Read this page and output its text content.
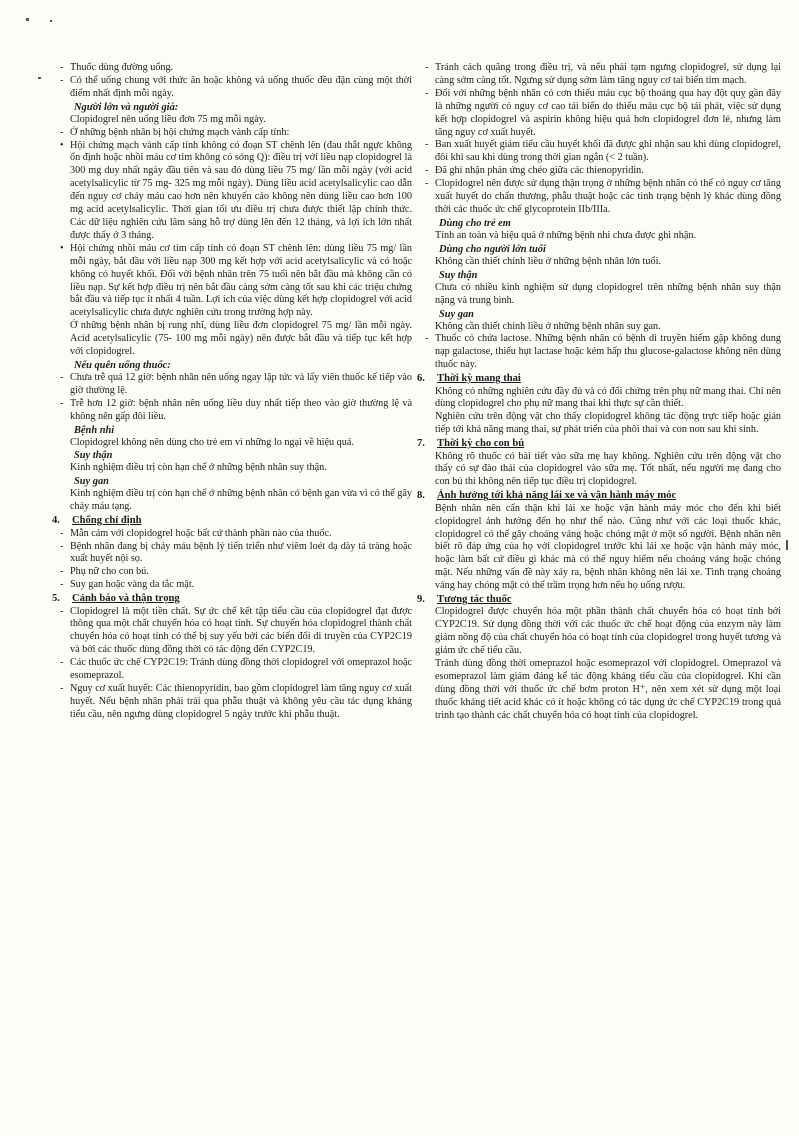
- Thuốc dùng đường uống.
- Có thể uống chung với thức ăn hoặc không và uống thuốc đều đặn cùng một thời điểm nhất định mỗi ngày.
Người lớn và người già:
Clopidogrel nên uống liều đơn 75 mg mỗi ngày.
- Ở những bệnh nhân bị hội chứng mạch vành cấp tính:
• Hội chứng mạch vành cấp tính không có đoạn ST chênh lên (đau thắt ngực không ổn định hoặc nhồi máu cơ tim không có sóng Q): điều trị với liều nạp clopidogrel là 300 mg duy nhất ngày đầu tiên và sau đó dùng liều 75 mg/ lần mỗi ngày (với acid acetylsalicylic từ 75 mg- 325 mg mỗi ngày). Dùng liều acid acetylsalicylic cao dẫn đến nguy cơ chảy máu cao hơn nên khuyến cáo không nên dùng liều cao hơn 100 mg acid acetylsalicylic. Thời gian tối ưu điều trị chưa được thiết lập chính thức. Các dữ liệu nghiên cứu lâm sàng hỗ trợ dùng lên đến 12 tháng, và lợi ích lớn nhất được thấy ở 3 tháng.
• Hội chứng nhồi máu cơ tim cấp tính có đoạn ST chênh lên: dùng liều 75 mg/ lần mỗi ngày, bắt đầu với liều nạp 300 mg kết hợp với acid acetylsalicylic và có hoặc không có huyết khối. Đối với bệnh nhân trên 75 tuổi nên bắt đầu mà không cần có liều nạp. Sự kết hợp điều trị nên bắt đầu càng sớm càng tốt sau khi các triệu chứng bắt đầu và tiếp tục ít nhất 4 tuần. Lợi ích của việc dùng kết hợp clopidogrel với acid acetylsalicylic chưa được nghiên cứu trong trường hợp này.
Ở những bệnh nhân bị rung nhĩ, dùng liều đơn clopidogrel 75 mg/ lần mỗi ngày. Acid acetylsalicylic (75- 100 mg mỗi ngày) nên được bắt đầu và tiếp tục kết hợp với clopidogrel.
Nếu quên uống thuốc:
- Chưa trễ quá 12 giờ: bệnh nhân nên uống ngay lập tức và lấy viên thuốc kế tiếp vào giờ thường lệ.
- Trễ hơn 12 giờ: bệnh nhân nên uống liều duy nhất tiếp theo vào giờ thường lệ và không nên gấp đôi liều.
Bệnh nhi
Clopidogrel không nên dùng cho trẻ em vì những lo ngại về hiệu quả.
Suy thận
Kinh nghiệm điều trị còn hạn chế ở những bệnh nhân suy thận.
Suy gan
Kinh nghiệm điều trị còn hạn chế ở những bệnh nhân có bệnh gan vừa vì có thể gây chảy máu tạng.
4.	Chống chỉ định
- Mẫn cảm với clopidogrel hoặc bất cứ thành phần nào của thuốc.
- Bệnh nhân đang bị chảy máu bệnh lý tiến triển như viêm loét dạ dày tá tràng hoặc xuất huyết nội sọ.
- Phụ nữ cho con bú.
- Suy gan hoặc vàng da tắc mật.
5.	Cảnh báo và thận trọng
- Clopidogrel là một tiền chất. Sự ức chế kết tập tiểu cầu của clopidogrel đạt được thông qua một chất chuyển hóa có hoạt tính. Sự chuyển hóa clopidogrel thành chất chuyển hóa có hoạt tính có thể bị suy yếu bởi các biến đổi di truyền của CYP2C19 và bởi các thuốc dùng đồng thời có tác động đến CYP2C19.
- Các thuốc ức chế CYP2C19: Tránh dùng đồng thời clopidogrel với omeprazol hoặc esomeprazol.
- Nguy cơ xuất huyết: Các thienopyridin, bao gồm clopidogrel làm tăng nguy cơ xuất huyết. Nếu bệnh nhân phải trải qua phẫu thuật và không yêu cầu tác dụng kháng tiểu cầu, nên ngưng dùng clopidogrel 5 ngày trước khi phẫu thuật.
- Tránh cách quãng trong điều trị, và nếu phải tạm ngưng clopidogrel, sử dụng lại càng sớm càng tốt. Ngưng sử dụng sớm làm tăng nguy cơ tai biến tim mạch.
- Đối với những bệnh nhân có cơn thiếu máu cục bộ thoáng qua hay đột quỵ gần đây là những người có nguy cơ cao tái biến do thiếu máu cục bộ tái phát, việc sử dụng kết hợp clopidogrel và aspirin không hiệu quả hơn clopidogrel đơn lẻ, nhưng làm tăng nguy cơ xuất huyết.
- Ban xuất huyết giảm tiểu cầu huyết khối đã được ghi nhận sau khi dùng clopidogrel, đôi khi sau khi dùng trong thời gian ngắn (< 2 tuần).
- Đã ghi nhận phản ứng chéo giữa các thienopyridin.
- Clopidogrel nên được sử dụng thận trọng ở những bệnh nhân có thể có nguy cơ tăng xuất huyết do chấn thương, phẫu thuật hoặc các tình trạng bệnh lý khác dùng đồng thời các thuốc ức chế glycoprotein IIb/IIIa.
Dùng cho trẻ em
Tính an toàn và hiệu quả ở những bệnh nhi chưa được ghi nhận.
Dùng cho người lớn tuổi
Không cần thiết chỉnh liều ở những bệnh nhân lớn tuổi.
Suy thận
Chưa có nhiều kinh nghiệm sử dụng clopidogrel trên những bệnh nhân suy thận nặng và trung bình.
Suy gan
Không cần thiết chỉnh liều ở những bệnh nhân suy gan.
- Thuốc có chứa lactose. Những bệnh nhân có bệnh di truyền hiếm gặp không dung nạp galactose, thiếu hụt lactase hoặc kém hấp thu glucose-galactose không nên dùng thuốc này.
6.	Thời kỳ mang thai
Không có những nghiên cứu đầy đủ và có đối chứng trên phụ nữ mang thai. Chỉ nên dùng clopidogrel cho phụ nữ mang thai khi thực sự cần thiết.
Nghiên cứu trên động vật cho thấy clopidogrel không tác động trực tiếp hoặc gián tiếp tới khả năng mang thai, sự phát triển của phôi thai và con non sau khi sinh.
7.	Thời kỳ cho con bú
Không rõ thuốc có bài tiết vào sữa mẹ hay không. Nghiên cứu trên động vật cho thấy có sự đào thải của clopidogrel vào sữa mẹ. Tốt nhất, nếu người mẹ đang cho con bú thì không nên tiếp tục điều trị clopidogrel.
8.	Ảnh hưởng tới khả năng lái xe và vận hành máy móc
Bệnh nhân nên cẩn thận khi lái xe hoặc vận hành máy móc cho đến khi biết clopidogrel ảnh hưởng đến họ như thế nào. Cũng như với các loại thuốc khác, clopidogrel có thể gây choáng váng hoặc chóng mặt ở một số người. Bệnh nhân nên biết rõ đáp ứng của họ với clopidogrel trước khi lái xe hoặc vận hành máy móc, hoặc làm bất cứ điều gì khác mà có thể nguy hiểm nếu choáng váng hoặc chóng mặt. Nếu những vấn đề này xảy ra, bệnh nhân không nên lái xe. Tình trạng choáng váng hay chóng mặt có thể trầm trọng hơn nếu họ uống rượu.
9.	Tương tác thuốc
Clopidogrel được chuyển hóa một phần thành chất chuyển hóa có hoạt tính bởi CYP2C19. Sử dụng đồng thời với các thuốc ức chế hoạt động của enzym này làm giảm nồng độ của chất chuyển hóa có hoạt tính của clopidogrel trong huyết tương và giảm ức chế tiểu cầu.
Tránh dùng đồng thời omeprazol hoặc esomeprazol với clopidogrel. Omeprazol và esomeprazol làm giảm đáng kể tác động kháng tiểu cầu của clopidogrel. Khi cần dùng đồng thời với thuốc ức chế bơm proton H⁺, nên xem xét sử dụng một loại thuốc kháng tiết acid khác có ít hoặc không có tác dụng ức chế CYP2C19 trong quá trình tạo thành các chất chuyển hóa có hoạt tính của clopidogrel.
